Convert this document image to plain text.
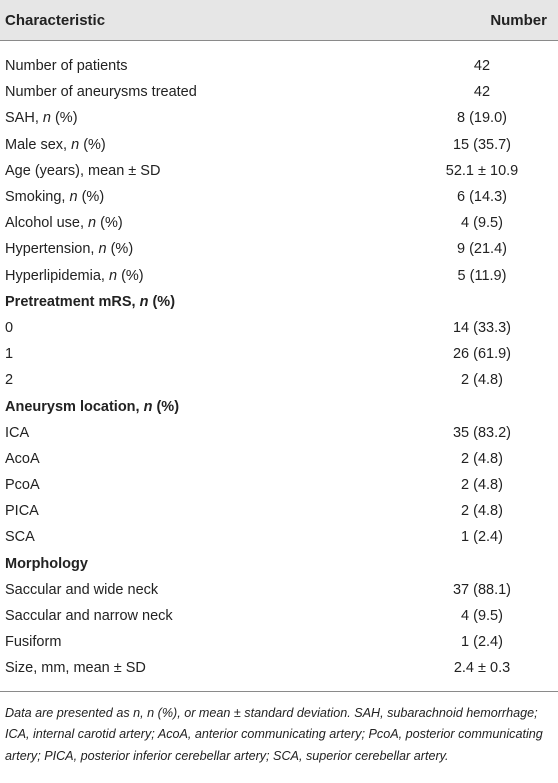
Characteristic	Number
Number of patients	42
Number of aneurysms treated	42
SAH, n (%)	8 (19.0)
Male sex, n (%)	15 (35.7)
Age (years), mean ± SD	52.1 ± 10.9
Smoking, n (%)	6 (14.3)
Alcohol use, n (%)	4 (9.5)
Hypertension, n (%)	9 (21.4)
Hyperlipidemia, n (%)	5 (11.9)
Pretreatment mRS, n (%)
0	14 (33.3)
1	26 (61.9)
2	2 (4.8)
Aneurysm location, n (%)
ICA	35 (83.2)
AcoA	2 (4.8)
PcoA	2 (4.8)
PICA	2 (4.8)
SCA	1 (2.4)
Morphology
Saccular and wide neck	37 (88.1)
Saccular and narrow neck	4 (9.5)
Fusiform	1 (2.4)
Size, mm, mean ± SD	2.4 ± 0.3
Data are presented as n, n (%), or mean ± standard deviation. SAH, subarachnoid hemorrhage; ICA, internal carotid artery; AcoA, anterior communicating artery; PcoA, posterior communicating artery; PICA, posterior inferior cerebellar artery; SCA, superior cerebellar artery.
